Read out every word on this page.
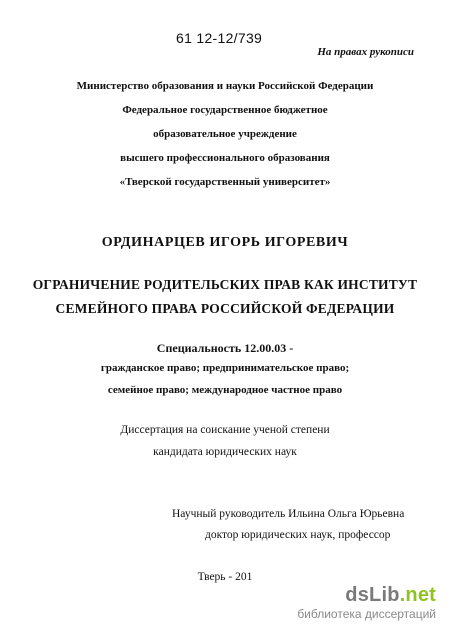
61 12-12/739
На правах рукописи
Министерство образования и науки Российской Федерации
Федеральное государственное бюджетное
образовательное учреждение
высшего профессионального образования
«Тверской государственный университет»
ОРДИНАРЦЕВ ИГОРЬ ИГОРЕВИЧ
ОГРАНИЧЕНИЕ РОДИТЕЛЬСКИХ ПРАВ КАК ИНСТИТУТ
СЕМЕЙНОГО ПРАВА РОССИЙСКОЙ ФЕДЕРАЦИИ
Специальность 12.00.03 -
гражданское право; предпринимательское право;
семейное право; международное частное право
Диссертация на соискание ученой степени
кандидата юридических наук
Научный руководитель Ильина Ольга Юрьевна
доктор юридических наук, профессор
Тверь - 201
dsLib.net
библиотека диссертаций
